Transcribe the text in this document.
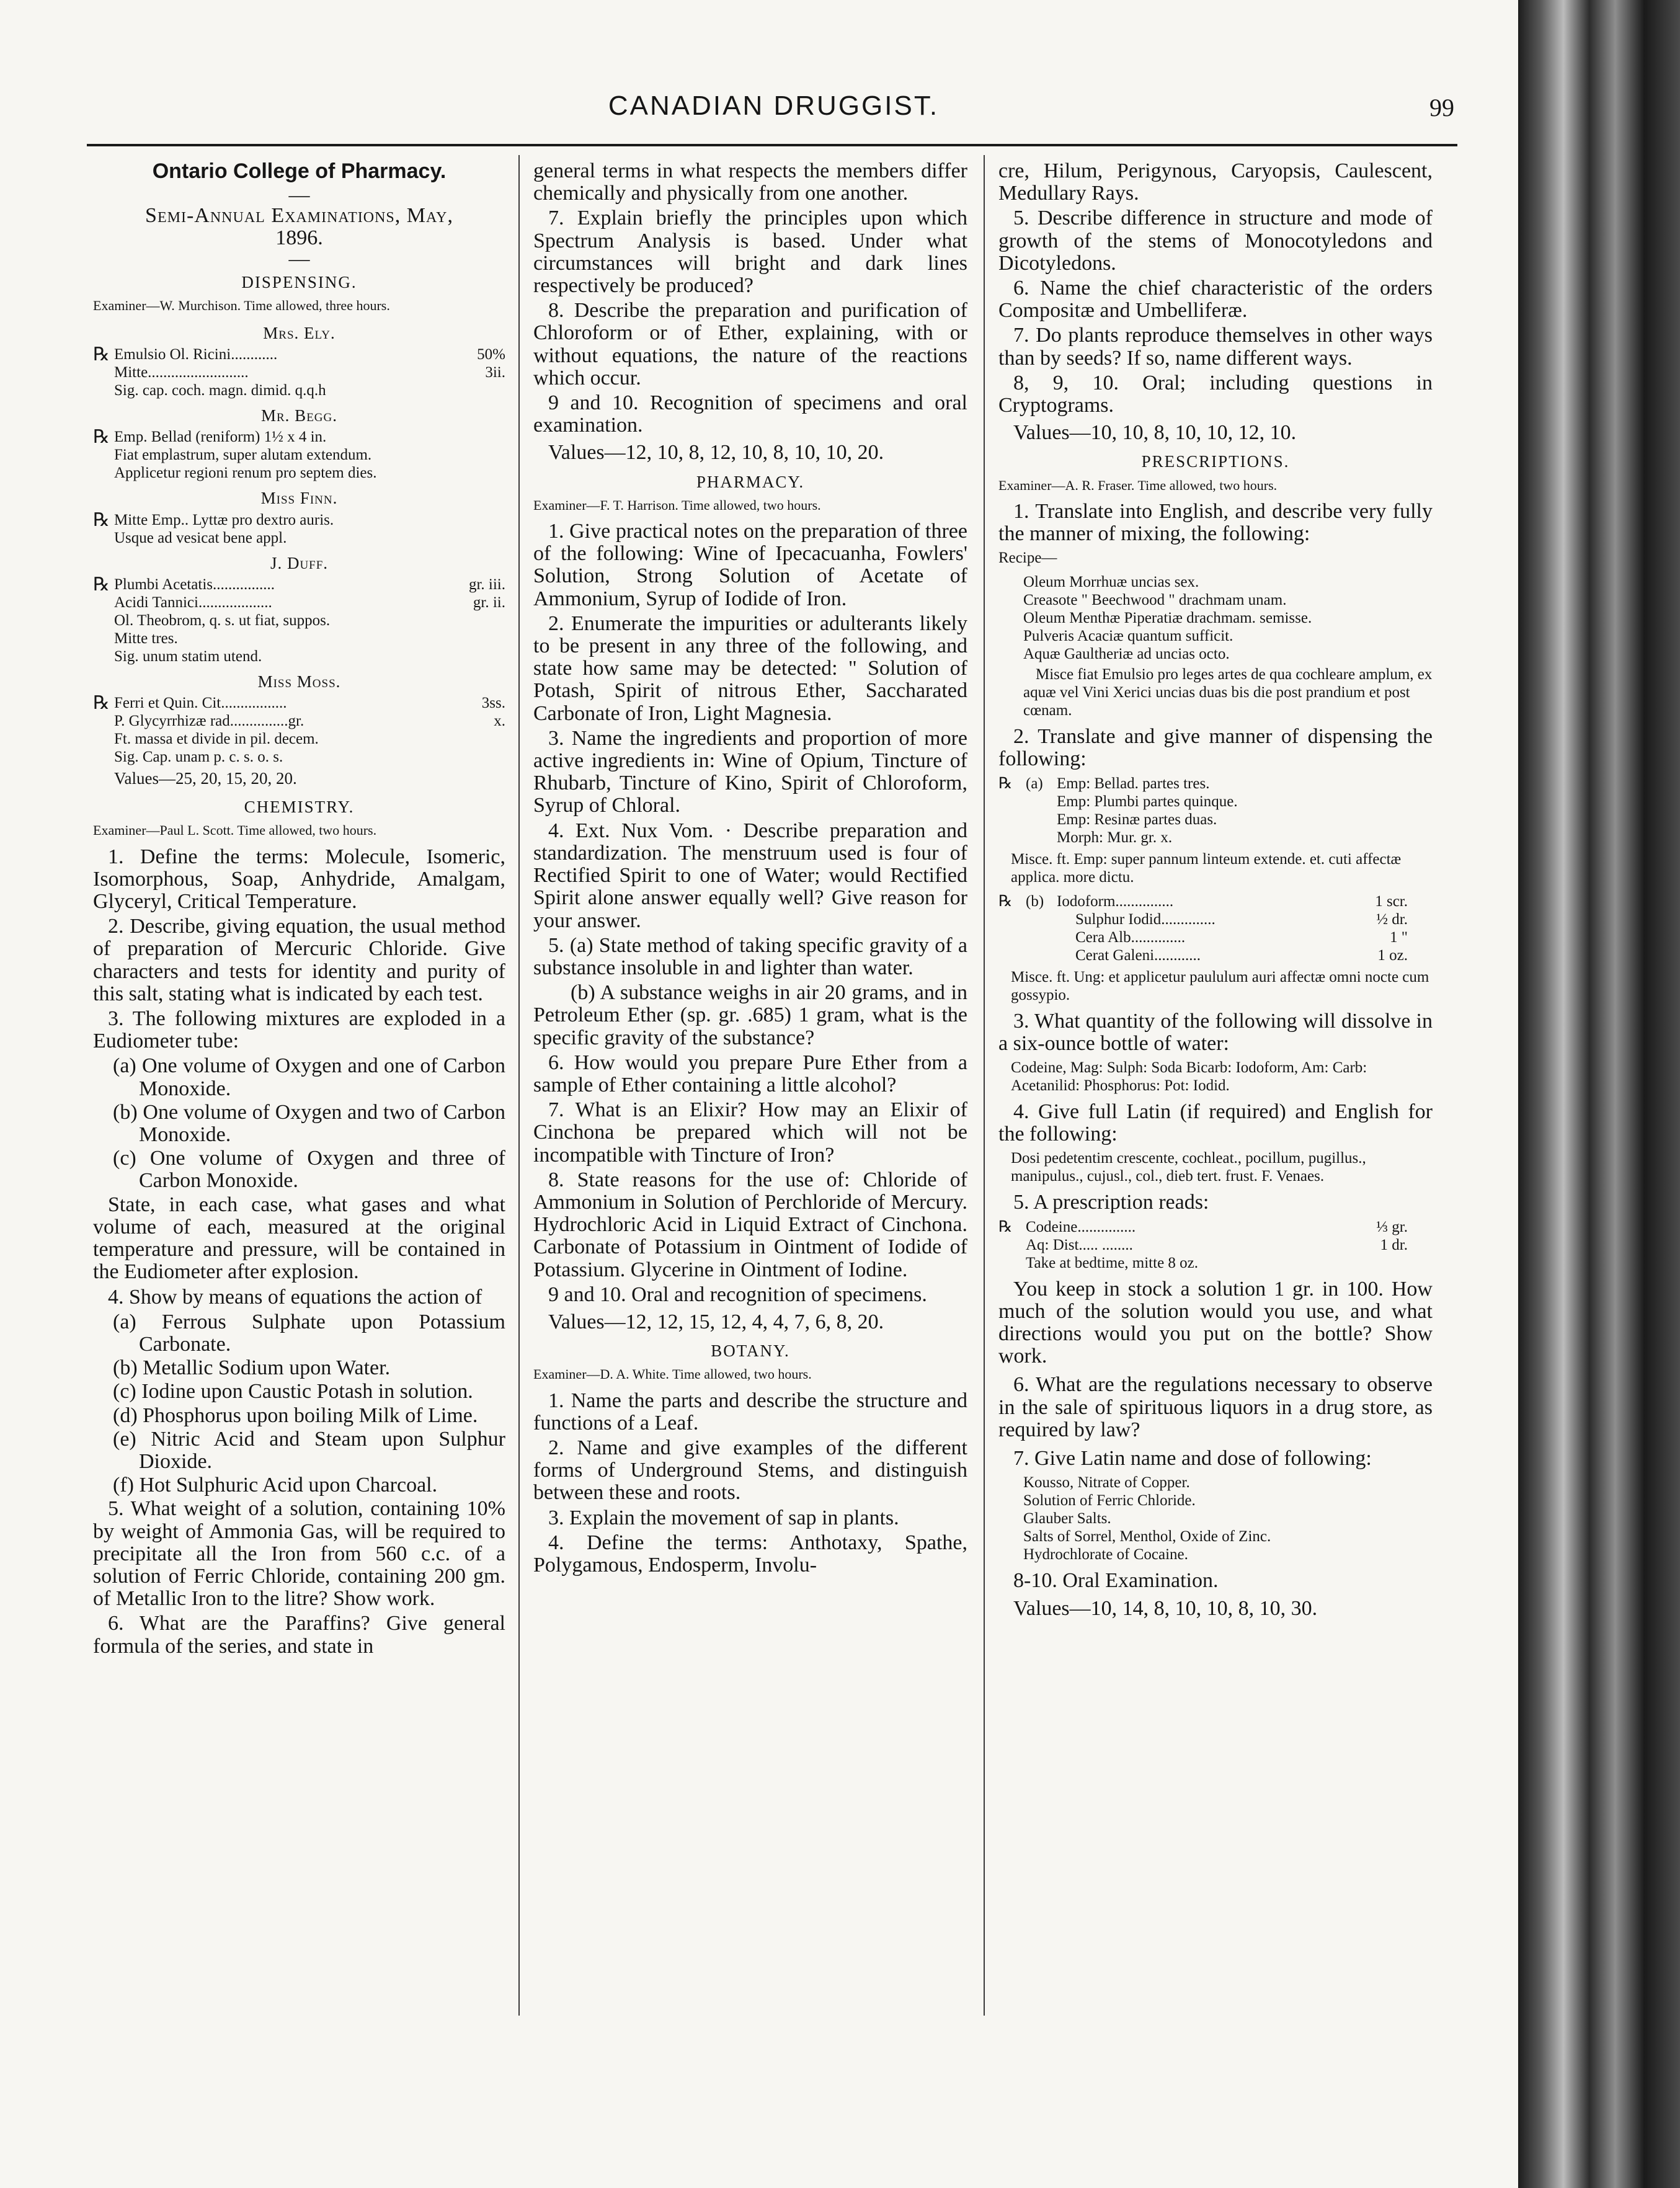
CANADIAN DRUGGIST.	99
Ontario College of Pharmacy.
—
Semi-Annual Examinations, May,
1896.
—
DISPENSING.
Examiner—W. Murchison. Time allowed, three hours.
Mrs. Ely.
℞ Emulsio Ol. Ricini............	50%
Mitte..........................	3ii.
Sig. cap. coch. magn. dimid. q.q.h
Mr. Begg.
℞ Emp. Bellad (reniform) 1½ x 4 in.
Fiat emplastrum, super alutam extendum.
Applicetur regioni renum pro septem dies.
Miss Finn.
℞ Mitte Emp.. Lyttæ pro dextro auris.
Usque ad vesicat bene appl.
J. Duff.
℞ Plumbi Acetatis................	gr. iii.
Acidi Tannici...................	gr. ii.
Ol. Theobrom, q. s. ut fiat, suppos.
Mitte tres.
Sig. unum statim utend.
Miss Moss.
℞ Ferri et Quin. Cit.................	3ss.
P. Glycyrrhizæ rad...............gr.	x.
Ft. massa et divide in pil. decem.
Sig. Cap. unam p. c. s. o. s.
Values—25, 20, 15, 20, 20.
CHEMISTRY.
Examiner—Paul L. Scott. Time allowed, two hours.

1. Define the terms: Molecule, Isomeric, Isomorphous, Soap, Anhydride, Amalgam, Glyceryl, Critical Temperature.

2. Describe, giving equation, the usual method of preparation of Mercuric Chloride. Give characters and tests for identity and purity of this salt, stating what is indicated by each test.

3. The following mixtures are exploded in a Eudiometer tube:

(a) One volume of Oxygen and one of Carbon Monoxide.

(b) One volume of Oxygen and two of Carbon Monoxide.

(c) One volume of Oxygen and three of Carbon Monoxide.

State, in each case, what gases and what volume of each, measured at the original temperature and pressure, will be contained in the Eudiometer after explosion.

4. Show by means of equations the action of

(a) Ferrous Sulphate upon Potassium Carbonate.

(b) Metallic Sodium upon Water.

(c) Iodine upon Caustic Potash in solution.

(d) Phosphorus upon boiling Milk of Lime.

(e) Nitric Acid and Steam upon Sulphur Dioxide.

(f) Hot Sulphuric Acid upon Charcoal.

5. What weight of a solution, containing 10% by weight of Ammonia Gas, will be required to precipitate all the Iron from 560 c.c. of a solution of Ferric Chloride, containing 200 gm. of Metallic Iron to the litre? Show work.

6. What are the Paraffins? Give general formula of the series, and state in

general terms in what respects the members differ chemically and physically from one another.

7. Explain briefly the principles upon which Spectrum Analysis is based. Under what circumstances will bright and dark lines respectively be produced?

8. Describe the preparation and purification of Chloroform or of Ether, explaining, with or without equations, the nature of the reactions which occur.

9 and 10. Recognition of specimens and oral examination.

Values—12, 10, 8, 12, 10, 8, 10, 10, 20.
PHARMACY.
Examiner—F. T. Harrison. Time allowed, two hours.

1. Give practical notes on the preparation of three of the following: Wine of Ipecacuanha, Fowlers' Solution, Strong Solution of Acetate of Ammonium, Syrup of Iodide of Iron.

2. Enumerate the impurities or adulterants likely to be present in any three of the following, and state how same may be detected: " Solution of Potash, Spirit of nitrous Ether, Saccharated Carbonate of Iron, Light Magnesia.

3. Name the ingredients and proportion of more active ingredients in: Wine of Opium, Tincture of Rhubarb, Tincture of Kino, Spirit of Chloroform, Syrup of Chloral.

4. Ext. Nux Vom. · Describe preparation and standardization. The menstruum used is four of Rectified Spirit to one of Water; would Rectified Spirit alone answer equally well? Give reason for your answer.

5. (a) State method of taking specific gravity of a substance insoluble in and lighter than water.

(b) A substance weighs in air 20 grams, and in Petroleum Ether (sp. gr. .685) 1 gram, what is the specific gravity of the substance?

6. How would you prepare Pure Ether from a sample of Ether containing a little alcohol?

7. What is an Elixir? How may an Elixir of Cinchona be prepared which will not be incompatible with Tincture of Iron?

8. State reasons for the use of: Chloride of Ammonium in Solution of Perchloride of Mercury. Hydrochloric Acid in Liquid Extract of Cinchona. Carbonate of Potassium in Ointment of Iodide of Potassium. Glycerine in Ointment of Iodine.

9 and 10. Oral and recognition of specimens.

Values—12, 12, 15, 12, 4, 4, 7, 6, 8, 20.
BOTANY.
Examiner—D. A. White. Time allowed, two hours.

1. Name the parts and describe the structure and functions of a Leaf.

2. Name and give examples of the different forms of Underground Stems, and distinguish between these and roots.

3. Explain the movement of sap in plants.

4. Define the terms: Anthotaxy, Spathe, Polygamous, Endosperm, Involu-

cre, Hilum, Perigynous, Caryopsis, Caulescent, Medullary Rays.

5. Describe difference in structure and mode of growth of the stems of Monocotyledons and Dicotyledons.

6. Name the chief characteristic of the orders Compositæ and Umbelliferæ.

7. Do plants reproduce themselves in other ways than by seeds? If so, name different ways.

8, 9, 10. Oral; including questions in Cryptograms.

Values—10, 10, 8, 10, 10, 12, 10.
PRESCRIPTIONS.
Examiner—A. R. Fraser. Time allowed, two hours.

1. Translate into English, and describe very fully the manner of mixing, the following:

Recipe—
Oleum Morrhuæ uncias sex.
Creasote " Beechwood " drachmam unam.
Oleum Menthæ Piperatiæ drachmam. semisse.
Pulveris Acaciæ quantum sufficit.
Aquæ Gaultheriæ ad uncias octo.
Misce fiat Emulsio pro leges artes de qua cochleare amplum, ex aquæ vel Vini Xerici uncias duas bis die post prandium et post cœnam.

2. Translate and give manner of dispensing the following:

℞ (a) Emp: Bellad. partes tres.
Emp: Plumbi partes quinque.
Emp: Resinæ partes duas.
Morph: Mur. gr. x.
Misce. ft. Emp: super pannum linteum extende. et. cuti affectæ applica. more dictu.
℞ (b) Iodoform...............	1 scr.
Sulphur Iodid..............	½ dr.
Cera Alb..............	1 "
Cerat Galeni............	1 oz.
Misce. ft. Ung: et applicetur paululum auri affectæ omni nocte cum gossypio.

3. What quantity of the following will dissolve in a six-ounce bottle of water:

Codeine, Mag: Sulph: Soda Bicarb: Iodoform, Am: Carb: Acetanilid: Phosphorus: Pot: Iodid.

4. Give full Latin (if required) and English for the following:

Dosi pedetentim crescente, cochleat., pocillum, pugillus., manipulus., cujusl., col., dieb tert. frust. F. Venaes.

5. A prescription reads:

℞ Codeine...............	⅓ gr.
Aq: Dist..... ........	1 dr.
Take at bedtime, mitte 8 oz.

You keep in stock a solution 1 gr. in 100. How much of the solution would you use, and what directions would you put on the bottle? Show work.

6. What are the regulations necessary to observe in the sale of spirituous liquors in a drug store, as required by law?

7. Give Latin name and dose of following:

Kousso, Nitrate of Copper.
Solution of Ferric Chloride.
Glauber Salts.
Salts of Sorrel, Menthol, Oxide of Zinc.
Hydrochlorate of Cocaine.

8-10. Oral Examination.

Values—10, 14, 8, 10, 10, 8, 10, 30.
